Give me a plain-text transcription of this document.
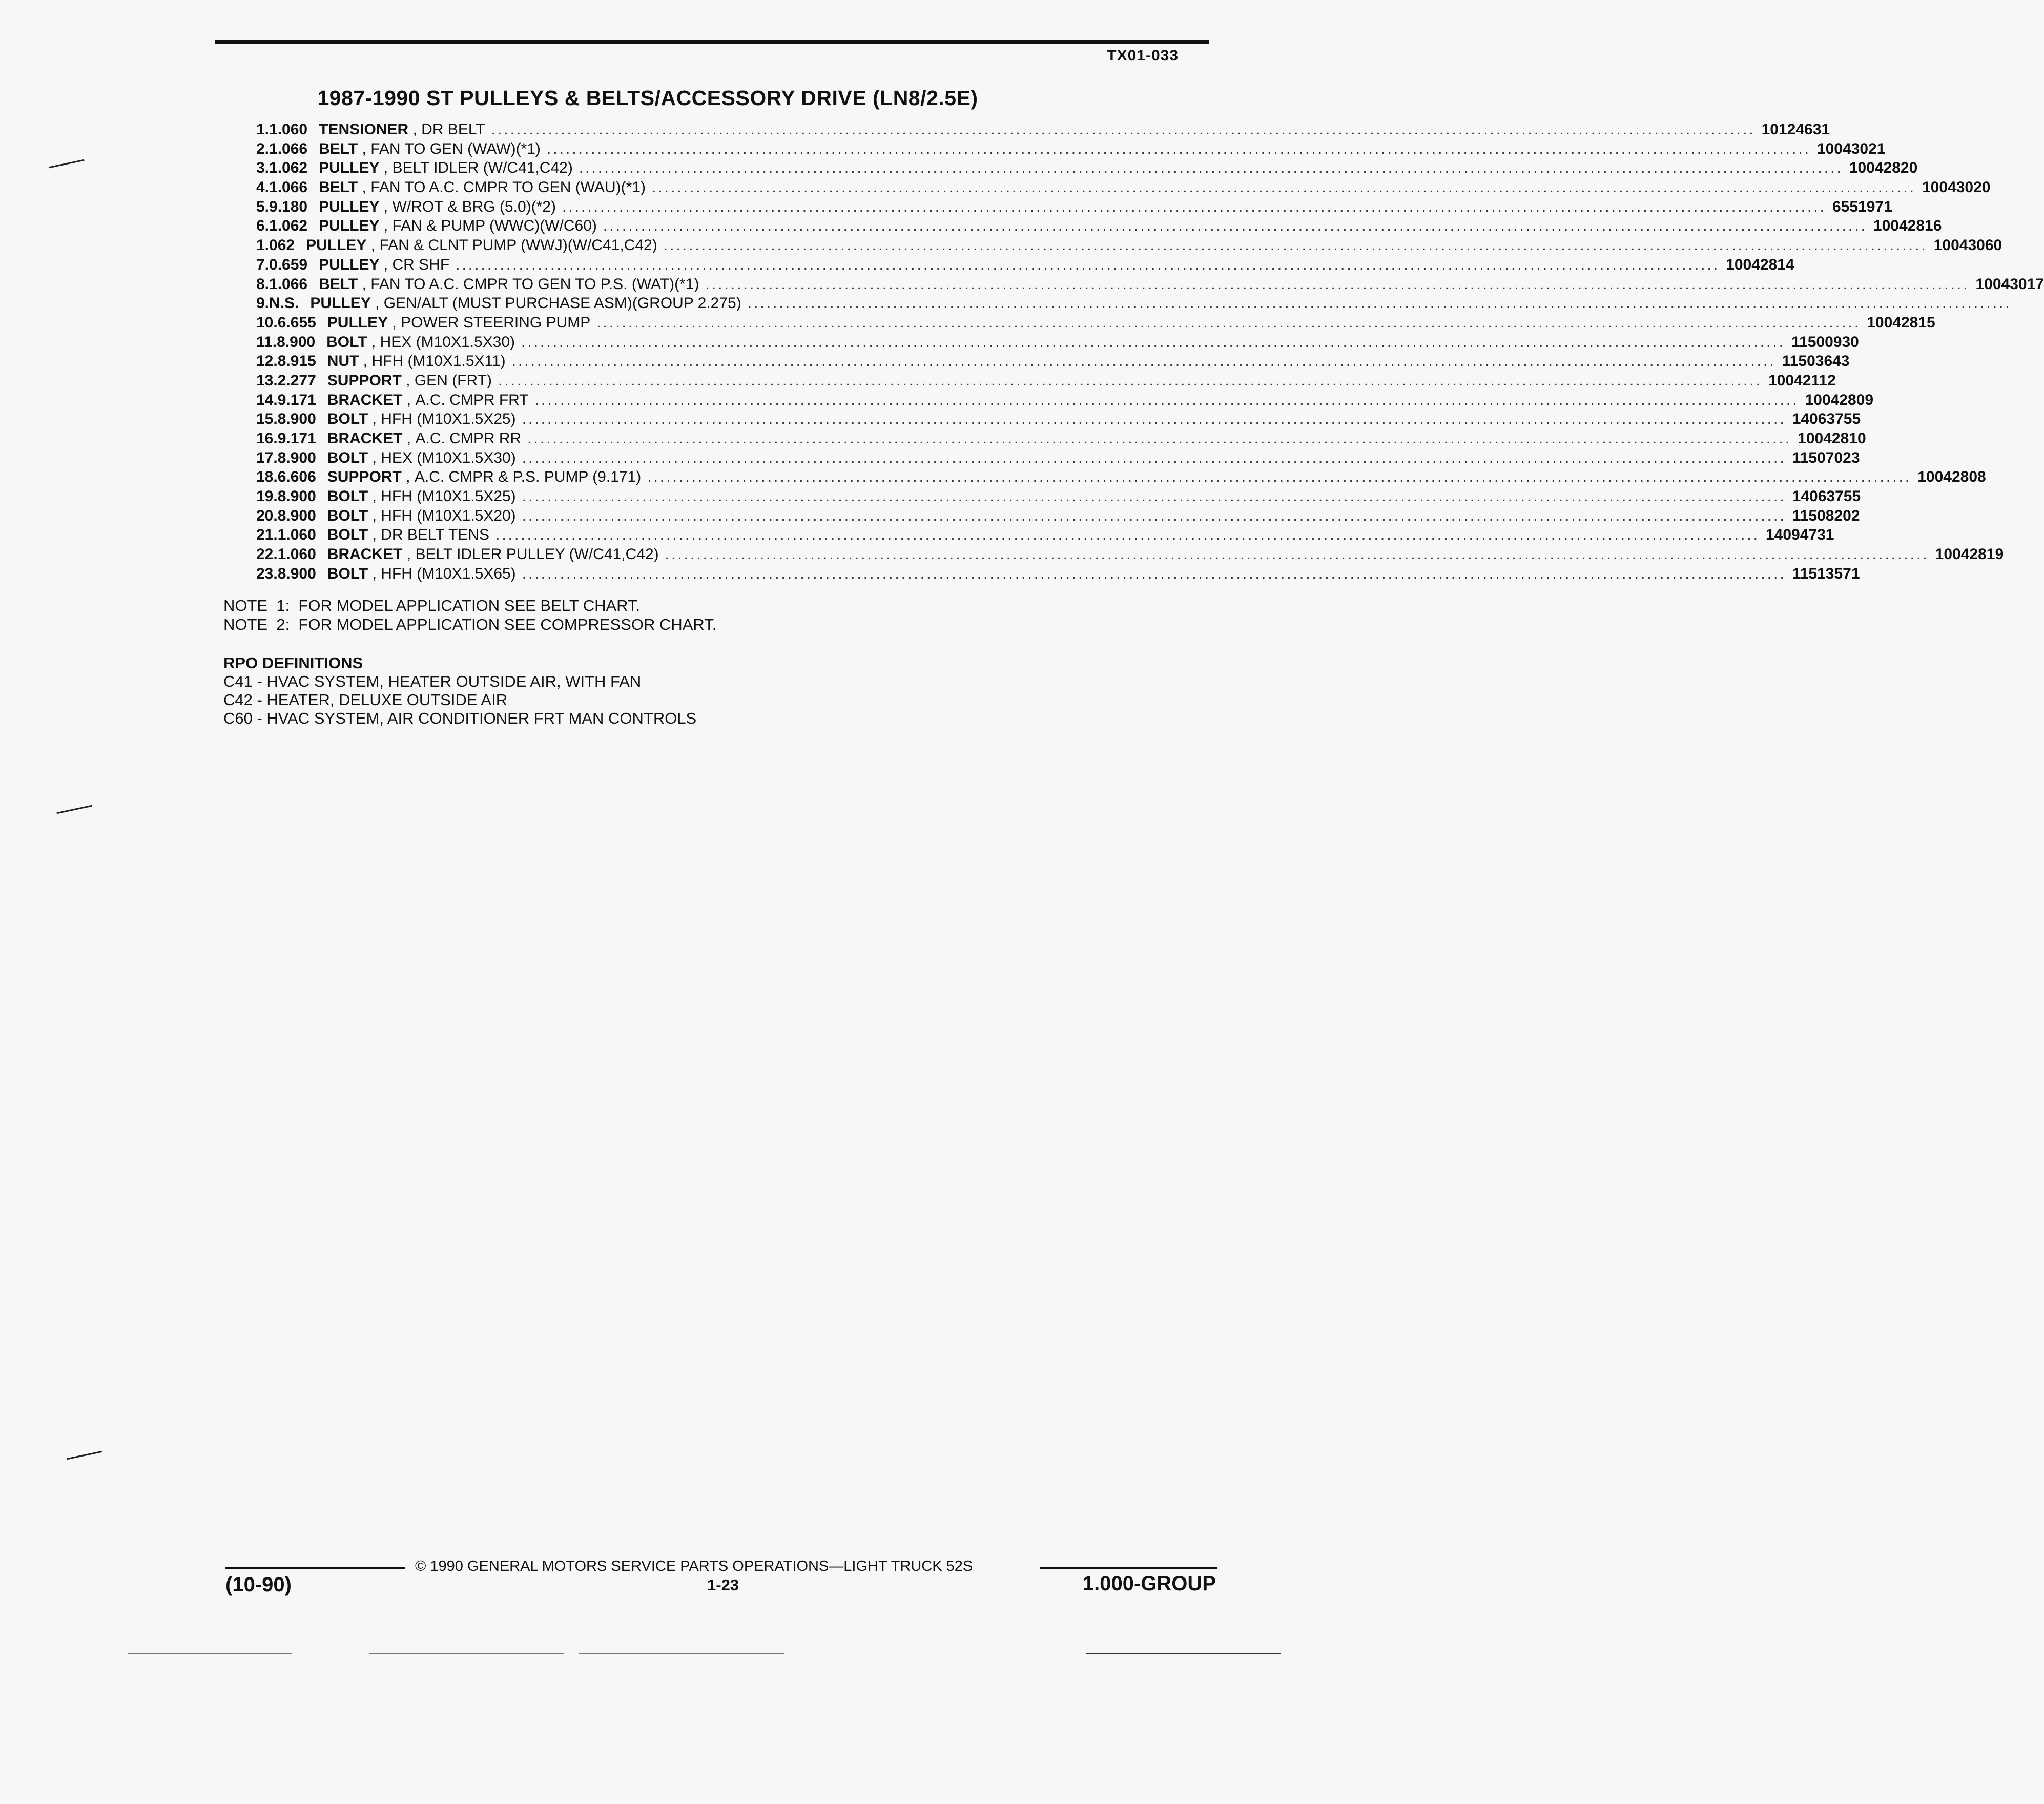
TX01-033
1987-1990 ST PULLEYS & BELTS/ACCESSORY DRIVE (LN8/2.5E)
1. 1.060 TENSIONER , DR BELT ........................................................................................................................................................................................................ 10124631
2. 1.066 BELT , FAN TO GEN (WAW)(*1) ........................................................................................................................................................................................................ 10043021
3. 1.062 PULLEY , BELT IDLER (W/C41,C42) ........................................................................................................................................................................................................ 10042820
4. 1.066 BELT , FAN TO A.C. CMPR TO GEN (WAU)(*1) ........................................................................................................................................................................................................ 10043020
5. 9.180 PULLEY , W/ROT & BRG (5.0)(*2) ........................................................................................................................................................................................................ 6551971
6. 1.062 PULLEY , FAN & PUMP (WWC)(W/C60) ........................................................................................................................................................................................................ 10042816
1.062 PULLEY , FAN & CLNT PUMP (WWJ)(W/C41,C42) ........................................................................................................................................................................................................ 10043060
7. 0.659 PULLEY , CR SHF ........................................................................................................................................................................................................ 10042814
8. 1.066 BELT , FAN TO A.C. CMPR TO GEN TO P.S. (WAT)(*1) ........................................................................................................................................................................................................ 10043017
9. N.S. PULLEY , GEN/ALT (MUST PURCHASE ASM)(GROUP 2.275) ........................................................................................................................................................................................................
10. 6.655 PULLEY , POWER STEERING PUMP ........................................................................................................................................................................................................ 10042815
11. 8.900 BOLT , HEX (M10X1.5X30) ........................................................................................................................................................................................................ 11500930
12. 8.915 NUT , HFH (M10X1.5X11) ........................................................................................................................................................................................................ 11503643
13. 2.277 SUPPORT , GEN (FRT) ........................................................................................................................................................................................................ 10042112
14. 9.171 BRACKET , A.C. CMPR FRT ........................................................................................................................................................................................................ 10042809
15. 8.900 BOLT , HFH (M10X1.5X25) ........................................................................................................................................................................................................ 14063755
16. 9.171 BRACKET , A.C. CMPR RR ........................................................................................................................................................................................................ 10042810
17. 8.900 BOLT , HEX (M10X1.5X30) ........................................................................................................................................................................................................ 11507023
18. 6.606 SUPPORT , A.C. CMPR & P.S. PUMP (9.171) ........................................................................................................................................................................................................ 10042808
19. 8.900 BOLT , HFH (M10X1.5X25) ........................................................................................................................................................................................................ 14063755
20. 8.900 BOLT , HFH (M10X1.5X20) ........................................................................................................................................................................................................ 11508202
21. 1.060 BOLT , DR BELT TENS ........................................................................................................................................................................................................ 14094731
22. 1.060 BRACKET , BELT IDLER PULLEY (W/C41,C42) ........................................................................................................................................................................................................ 10042819
23. 8.900 BOLT , HFH (M10X1.5X65) ........................................................................................................................................................................................................ 11513571
NOTE  1:  FOR MODEL APPLICATION SEE BELT CHART.
NOTE  2:  FOR MODEL APPLICATION SEE COMPRESSOR CHART.
RPO DEFINITIONS
C41 - HVAC SYSTEM, HEATER OUTSIDE AIR, WITH FAN
C42 - HEATER, DELUXE OUTSIDE AIR
C60 - HVAC SYSTEM, AIR CONDITIONER FRT MAN CONTROLS
© 1990 GENERAL MOTORS SERVICE PARTS OPERATIONS—LIGHT TRUCK 52S
(10-90)	1-23	1.000-GROUP
